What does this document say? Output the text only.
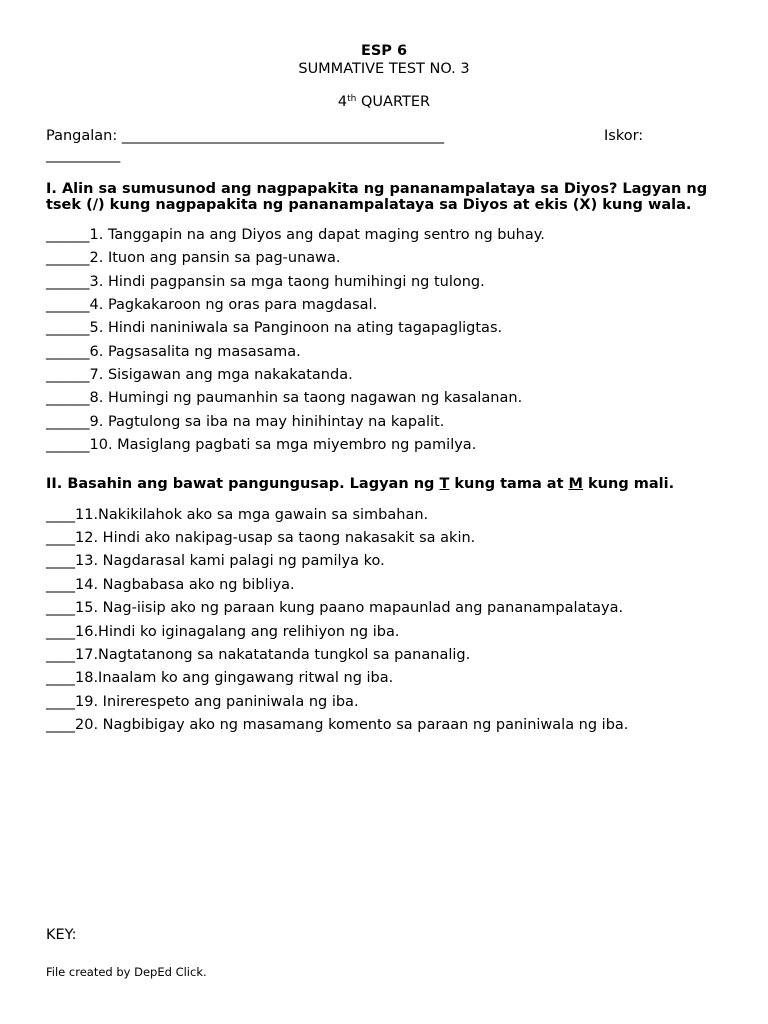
ESP 6
SUMMATIVE TEST NO. 3
4th QUARTER
Pangalan: ________________________________________________	Iskor:
___________
I. Alin sa sumusunod ang nagpapakita ng pananampalataya sa Diyos? Lagyan ng tsek (/) kung nagpapakita ng pananampalataya sa Diyos at ekis (X) kung wala.
______1. Tanggapin na ang Diyos ang dapat maging sentro ng buhay.
______2. Ituon ang pansin sa pag-unawa.
______3. Hindi pagpansin sa mga taong humihingi ng tulong.
______4. Pagkakaroon ng oras para magdasal.
______5. Hindi naniniwala sa Panginoon na ating tagapagligtas.
______6. Pagsasalita ng masasama.
______7. Sisigawan ang mga nakakatanda.
______8. Humingi ng paumanhin sa taong nagawan ng kasalanan.
______9. Pagtulong sa iba na may hinihintay na kapalit.
______10. Masiglang pagbati sa mga miyembro ng pamilya.
II. Basahin ang bawat pangungusap. Lagyan ng T kung tama at M kung mali.
____11.Nakikilahok ako sa mga gawain sa simbahan.
____12. Hindi ako nakipag-usap sa taong nakasakit sa akin.
____13. Nagdarasal kami palagi ng pamilya ko.
____14. Nagbabasa ako ng bibliya.
____15. Nag-iisip ako ng paraan kung paano mapaunlad ang pananampalataya.
____16.Hindi ko iginagalang ang relihiyon ng iba.
____17.Nagtatanong sa nakatatanda tungkol sa pananalig.
____18.Inaalam ko ang gingawang ritwal ng iba.
____19. Inirerespeto ang paniniwala ng iba.
____20. Nagbibigay ako ng masamang komento sa paraan ng paniniwala ng iba.
KEY:
File created by DepEd Click.
